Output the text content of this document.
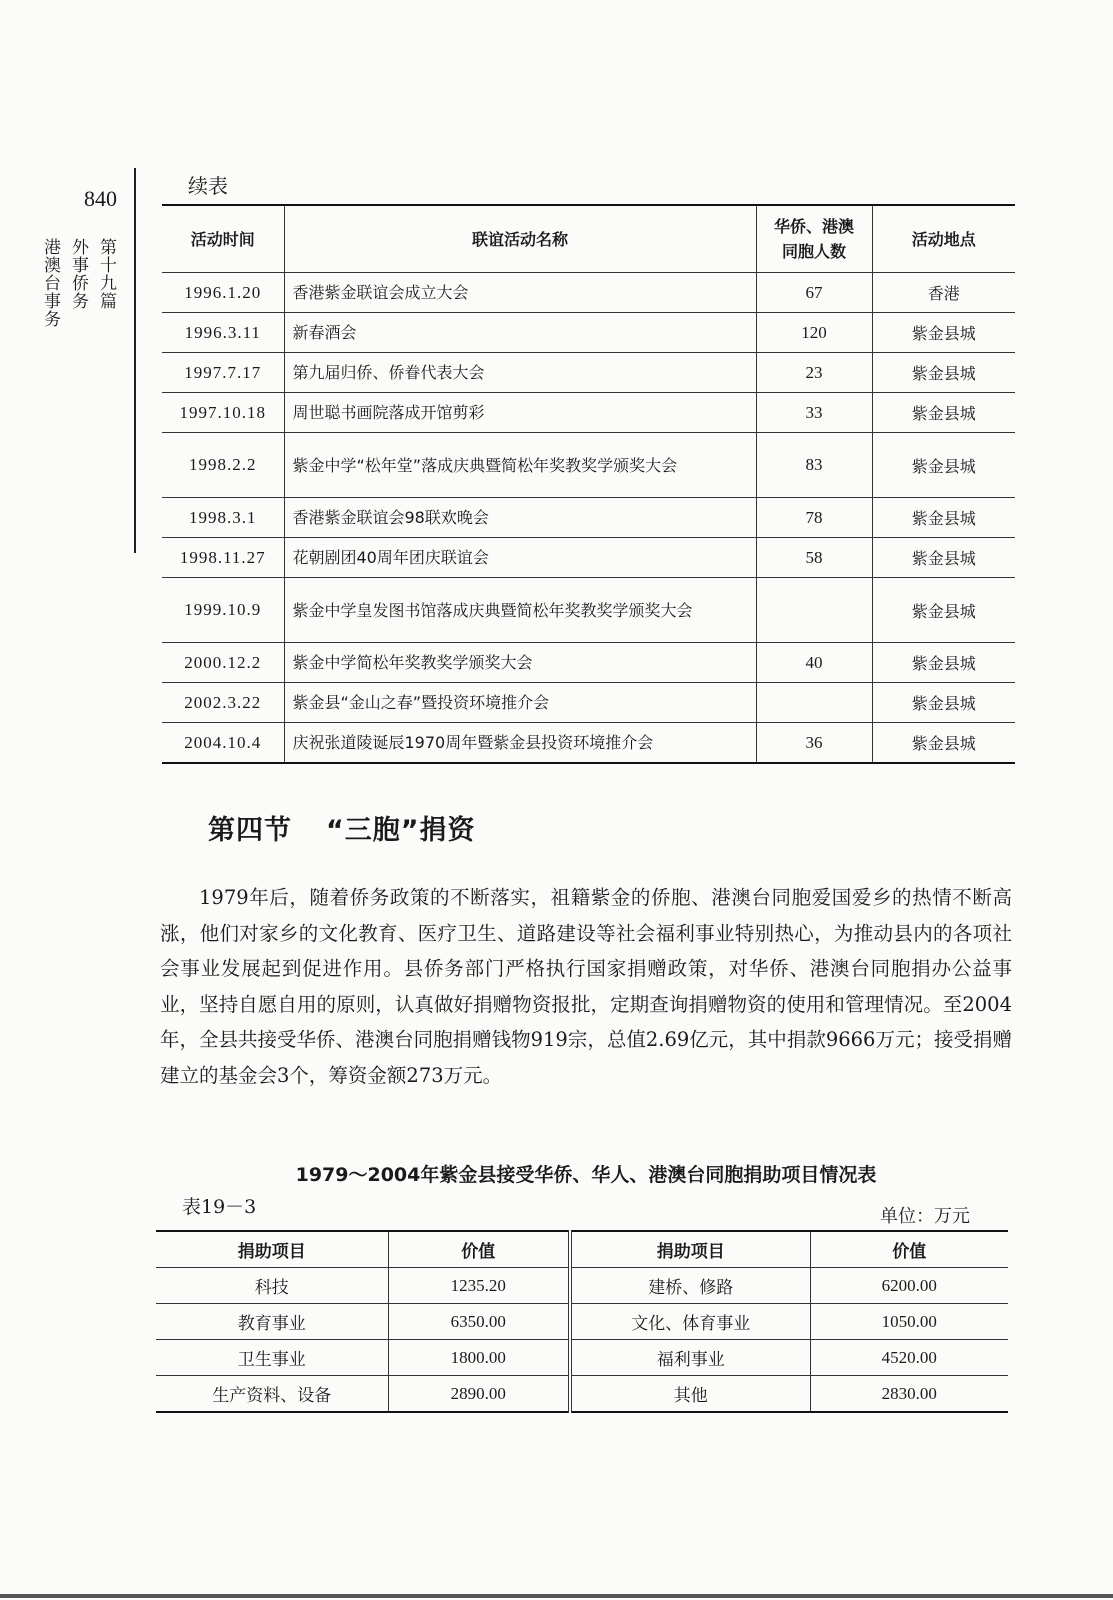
840
第十九篇
外事侨务
港澳台事务
续表
活动时间	联谊活动名称	华侨、港澳同胞人数	活动地点
1996.1.20	香港紫金联谊会成立大会	67	香港
1996.3.11	新春酒会	120	紫金县城
1997.7.17	第九届归侨、侨眷代表大会	23	紫金县城
1997.10.18	周世聪书画院落成开馆剪彩	33	紫金县城
1998.2.2	紫金中学“松年堂”落成庆典暨简松年奖教奖学颁奖大会	83	紫金县城
1998.3.1	香港紫金联谊会98联欢晚会	78	紫金县城
1998.11.27	花朝剧团40周年团庆联谊会	58	紫金县城
1999.10.9	紫金中学皇发图书馆落成庆典暨简松年奖教奖学颁奖大会		紫金县城
2000.12.2	紫金中学简松年奖教奖学颁奖大会	40	紫金县城
2002.3.22	紫金县“金山之春”暨投资环境推介会		紫金县城
2004.10.4	庆祝张道陵诞辰1970周年暨紫金县投资环境推介会	36	紫金县城
第四节 “三胞”捐资

1979年后，随着侨务政策的不断落实，祖籍紫金的侨胞、港澳台同胞爱国爱乡的热情不断高涨，他们对家乡的文化教育、医疗卫生、道路建设等社会福利事业特别热心，为推动县内的各项社会事业发展起到促进作用。县侨务部门严格执行国家捐赠政策，对华侨、港澳台同胞捐办公益事业，坚持自愿自用的原则，认真做好捐赠物资报批，定期查询捐赠物资的使用和管理情况。至2004年，全县共接受华侨、港澳台同胞捐赠钱物919宗，总值2.69亿元，其中捐款9666万元；接受捐赠建立的基金会3个，筹资金额273万元。

1979～2004年紫金县接受华侨、华人、港澳台同胞捐助项目情况表
表19－3	单位：万元
捐助项目	价值	捐助项目	价值
科技	1235.20	建桥、修路	6200.00
教育事业	6350.00	文化、体育事业	1050.00
卫生事业	1800.00	福利事业	4520.00
生产资料、设备	2890.00	其他	2830.00
